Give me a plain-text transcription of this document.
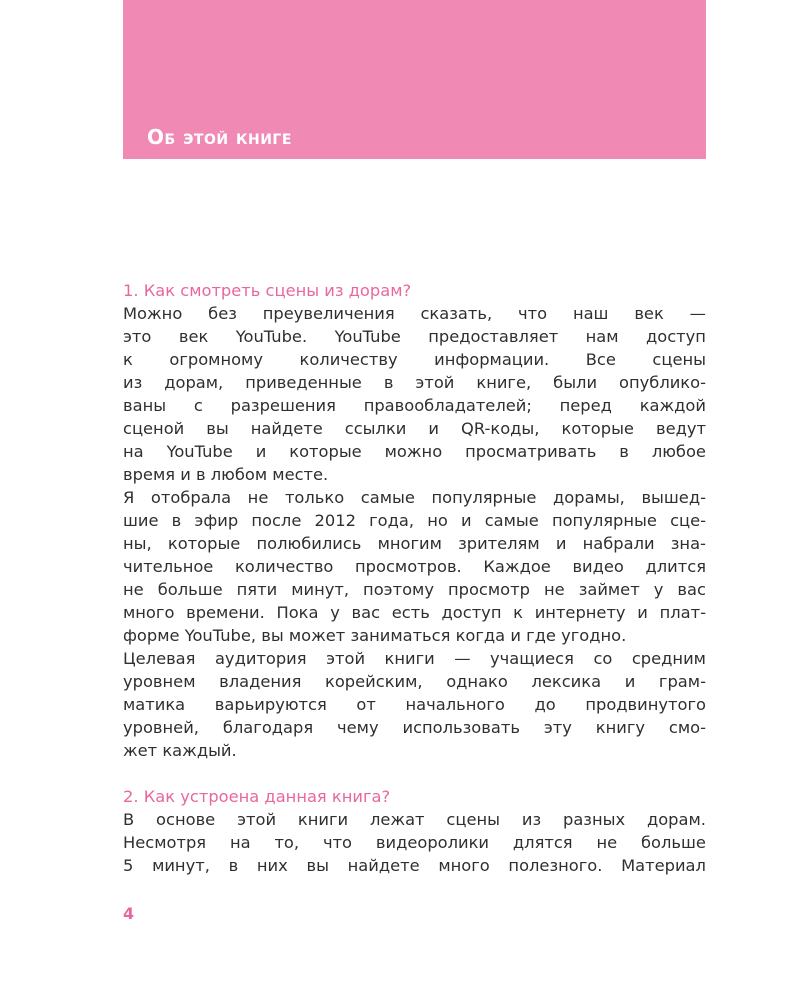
Об этой книге
1. Как смотреть сцены из дорам?
Можно без преувеличения сказать, что наш век —
это век YouTube. YouTube предоставляет нам доступ
к огромному количеству информации. Все сцены
из дорам, приведенные в этой книге, были опублико-
ваны с разрешения правообладателей; перед каждой
сценой вы найдете ссылки и QR-коды, которые ведут
на YouTube и которые можно просматривать в любое
время и в любом месте.
Я отобрала не только самые популярные дорамы, вышед-
шие в эфир после 2012 года, но и самые популярные сце-
ны, которые полюбились многим зрителям и набрали зна-
чительное количество просмотров. Каждое видео длится
не больше пяти минут, поэтому просмотр не займет у вас
много времени. Пока у вас есть доступ к интернету и плат-
форме YouTube, вы может заниматься когда и где угодно.
Целевая аудитория этой книги — учащиеся со средним
уровнем владения корейским, однако лексика и грам-
матика варьируются от начального до продвинутого
уровней, благодаря чему использовать эту книгу смо-
жет каждый.
2. Как устроена данная книга?
В основе этой книги лежат сцены из разных дорам.
Несмотря на то, что видеоролики длятся не больше
5 минут, в них вы найдете много полезного. Материал
4
